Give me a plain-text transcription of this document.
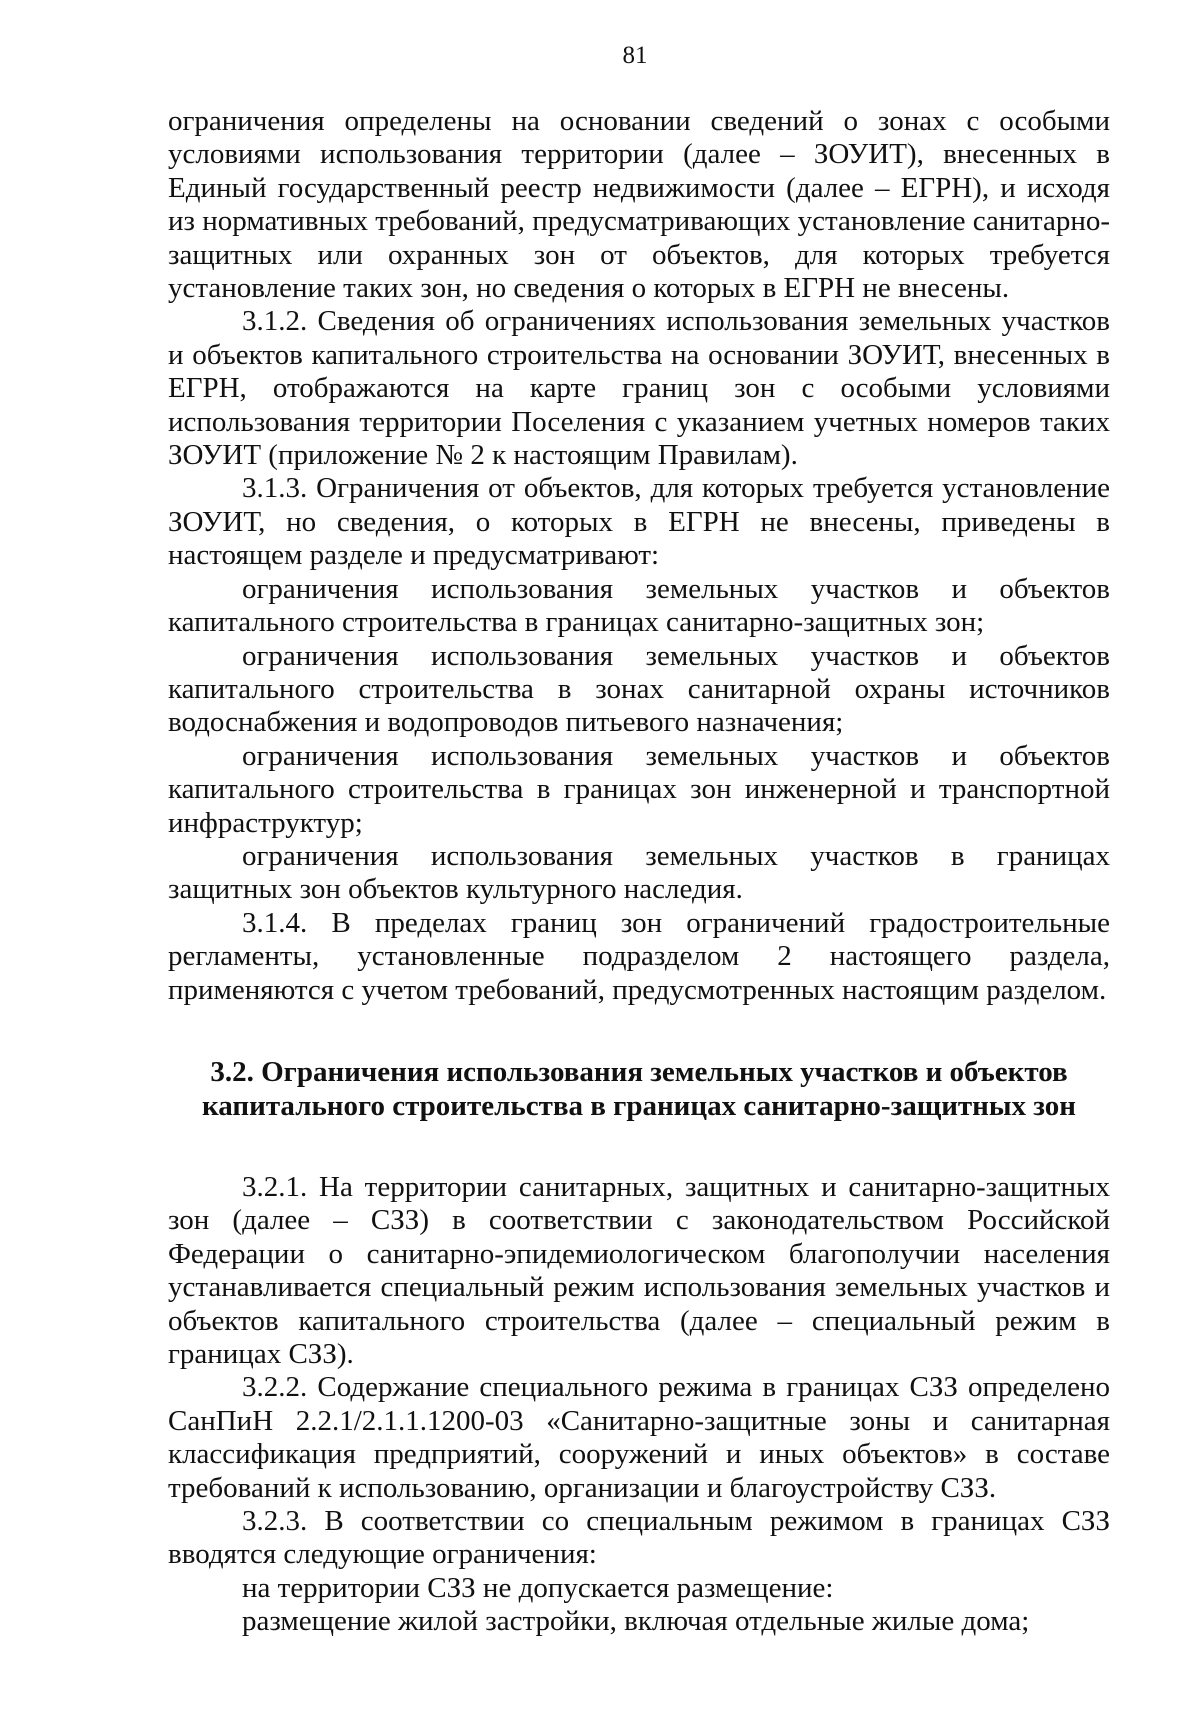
81

ограничения определены на основании сведений о зонах с особыми условиями использования территории (далее – ЗОУИТ), внесенных в Единый государственный реестр недвижимости (далее – ЕГРН), и исходя из нормативных требований, предусматривающих установление санитарно-защитных или охранных зон от объектов, для которых требуется установление таких зон, но сведения о которых в ЕГРН не внесены.

3.1.2. Сведения об ограничениях использования земельных участков и объектов капитального строительства на основании ЗОУИТ, внесенных в ЕГРН, отображаются на карте границ зон с особыми условиями использования территории Поселения с указанием учетных номеров таких ЗОУИТ (приложение № 2 к настоящим Правилам).

3.1.3. Ограничения от объектов, для которых требуется установление ЗОУИТ, но сведения, о которых в ЕГРН не внесены, приведены в настоящем разделе и предусматривают:

ограничения использования земельных участков и объектов капитального строительства в границах санитарно-защитных зон;

ограничения использования земельных участков и объектов капитального строительства в зонах санитарной охраны источников водоснабжения и водопроводов питьевого назначения;

ограничения использования земельных участков и объектов капитального строительства в границах зон инженерной и транспортной инфраструктур;

ограничения использования земельных участков в границах защитных зон объектов культурного наследия.

3.1.4. В пределах границ зон ограничений градостроительные регламенты, установленные подразделом 2 настоящего раздела, применяются с учетом требований, предусмотренных настоящим разделом.

3.2. Ограничения использования земельных участков и объектов
капитального строительства в границах санитарно-защитных зон

3.2.1. На территории санитарных, защитных и санитарно-защитных зон (далее – СЗЗ) в соответствии с законодательством Российской Федерации о санитарно-эпидемиологическом благополучии населения устанавливается специальный режим использования земельных участков и объектов капитального строительства (далее – специальный режим в границах СЗЗ).

3.2.2. Содержание специального режима в границах СЗЗ определено СанПиН 2.2.1/2.1.1.1200-03 «Санитарно-защитные зоны и санитарная классификация предприятий, сооружений и иных объектов» в составе требований к использованию, организации и благоустройству СЗЗ.

3.2.3. В соответствии со специальным режимом в границах СЗЗ вводятся следующие ограничения:

на территории СЗЗ не допускается размещение:

размещение жилой застройки, включая отдельные жилые дома;
